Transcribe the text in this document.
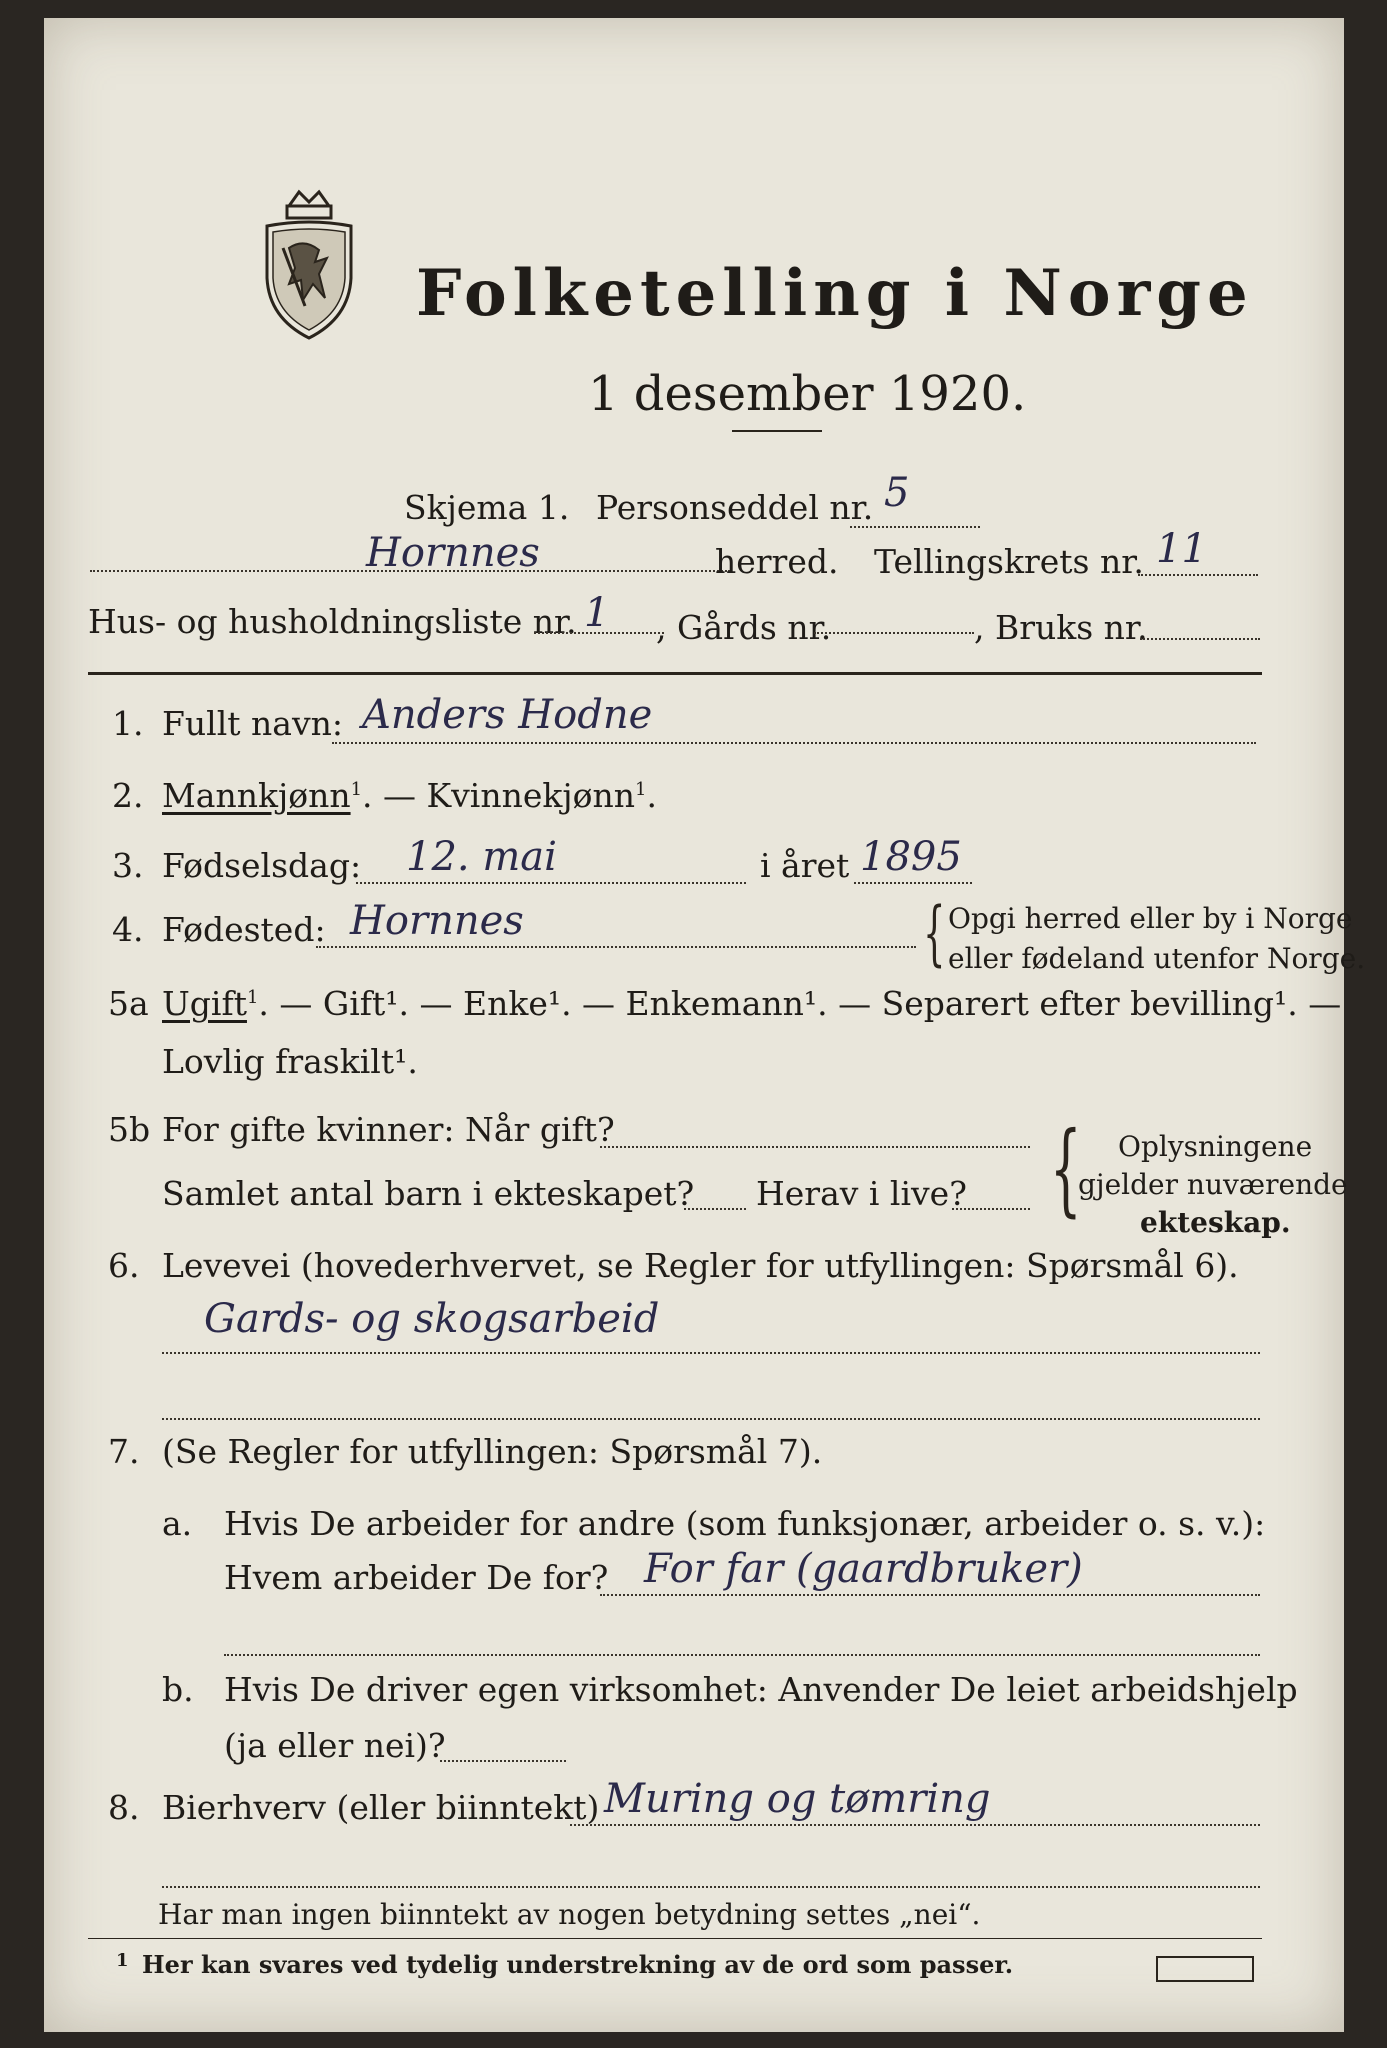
Folketelling i Norge
1 desember 1920.
Skjema 1. Personseddel nr. 5
Hornnes	herred. Tellingskrets nr. 11
Hus- og husholdningsliste nr. 1 , Gårds nr.	, Bruks nr.
1. Fullt navn: Anders Hodne
2. Mannkjønn$^1$. — Kvinnekjønn$^1$.
3. Fødselsdag: 12. mai	i året 1895
4. Fødested: Hornnes	{ Opgi herred eller by i Norge
eller fødeland utenfor Norge.
5a Ugift$^1$. — Gift¹. — Enke¹. — Enkemann¹. — Separert efter bevilling¹. —
Lovlig fraskilt¹.
5b For gifte kvinner: Når gift?
Samlet antal barn i ekteskapet? Herav i live? { Oplysningene
gjelder nuværende
ekteskap.
6. Levevei (hovederhvervet, se Regler for utfyllingen: Spørsmål 6).
Gards- og skogsarbeid
7. (Se Regler for utfyllingen: Spørsmål 7).
a. Hvis De arbeider for andre (som funksjonær, arbeider o. s. v.):
Hvem arbeider De for? For far (gaardbruker)
b. Hvis De driver egen virksomhet: Anvender De leiet arbeidshjelp
(ja eller nei)?
8. Bierhverv (eller biinntekt) Muring og tømring
Har man ingen biinntekt av nogen betydning settes „nei“.
1 Her kan svares ved tydelig understrekning av de ord som passer.
